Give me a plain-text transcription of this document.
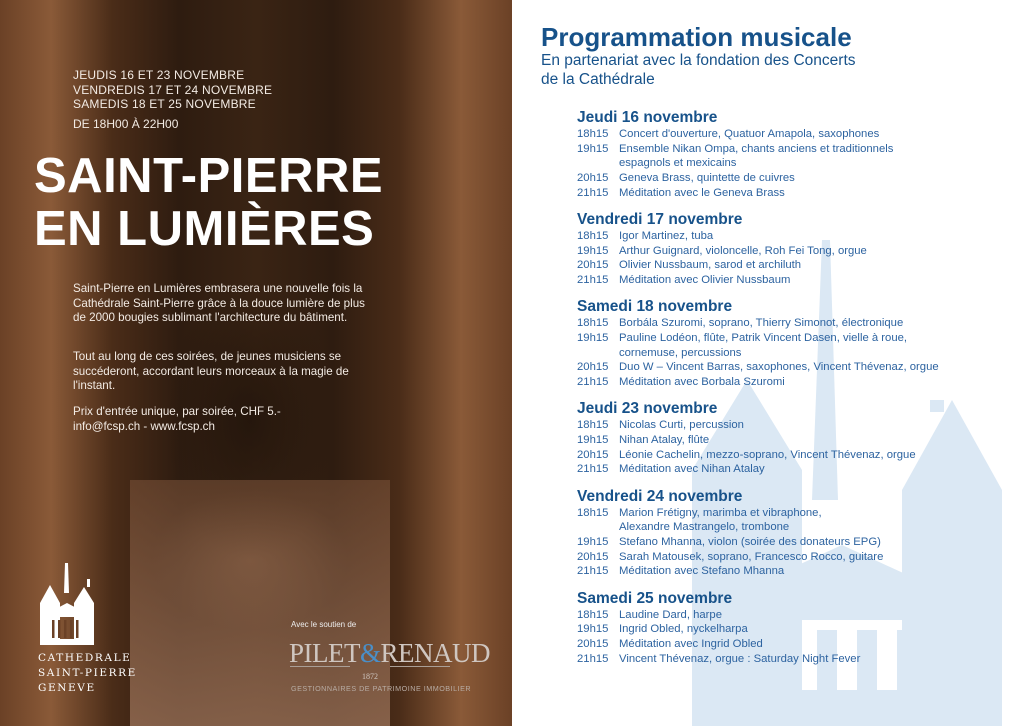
JEUDIS 16 ET 23 NOVEMBRE
VENDREDIS 17 ET 24 NOVEMBRE
SAMEDIS 18 ET 25 NOVEMBRE
DE 18H00 À 22H00
SAINT-PIERRE
EN LUMIÈRES
Saint-Pierre en Lumières embrasera une nouvelle fois la Cathédrale Saint-Pierre grâce à la douce lumière de plus de 2000 bougies sublimant l'architecture du bâtiment.
Tout au long de ces soirées, de jeunes musiciens se succéderont, accordant leurs morceaux à la magie de l'instant.
Prix d'entrée unique, par soirée, CHF 5.-
info@fcsp.ch - www.fcsp.ch
CATHEDRALE
SAINT-PIERRE
GENEVE
Avec le soutien de
PILET&RENAUD
1872
GESTIONNAIRES DE PATRIMOINE IMMOBILIER
Programmation musicale
En partenariat avec la fondation des Concerts
de la Cathédrale
Jeudi 16 novembre
18h15 Concert d'ouverture, Quatuor Amapola, saxophones
19h15 Ensemble Nikan Ompa, chants anciens et traditionnels
espagnols et mexicains
20h15 Geneva Brass, quintette de cuivres
21h15 Méditation avec le Geneva Brass
Vendredi 17 novembre
18h15 Igor Martinez, tuba
19h15 Arthur Guignard, violoncelle, Roh Fei Tong, orgue
20h15 Olivier Nussbaum, sarod et archiluth
21h15 Méditation avec Olivier Nussbaum
Samedi 18 novembre
18h15 Borbála Szuromi, soprano, Thierry Simonot, électronique
19h15 Pauline Lodéon, flûte, Patrik Vincent Dasen, vielle à roue,
cornemuse, percussions
20h15 Duo W – Vincent Barras, saxophones, Vincent Thévenaz, orgue
21h15 Méditation avec Borbala Szuromi
Jeudi 23 novembre
18h15 Nicolas Curti, percussion
19h15 Nihan Atalay, flûte
20h15 Léonie Cachelin, mezzo-soprano, Vincent Thévenaz, orgue
21h15 Méditation avec Nihan Atalay
Vendredi 24 novembre
18h15 Marion Frétigny, marimba et vibraphone,
Alexandre Mastrangelo, trombone
19h15 Stefano Mhanna, violon (soirée des donateurs EPG)
20h15 Sarah Matousek, soprano, Francesco Rocco, guitare
21h15 Méditation avec Stefano Mhanna
Samedi 25 novembre
18h15 Laudine Dard, harpe
19h15 Ingrid Obled, nyckelharpa
20h15 Méditation avec Ingrid Obled
21h15 Vincent Thévenaz, orgue : Saturday Night Fever
